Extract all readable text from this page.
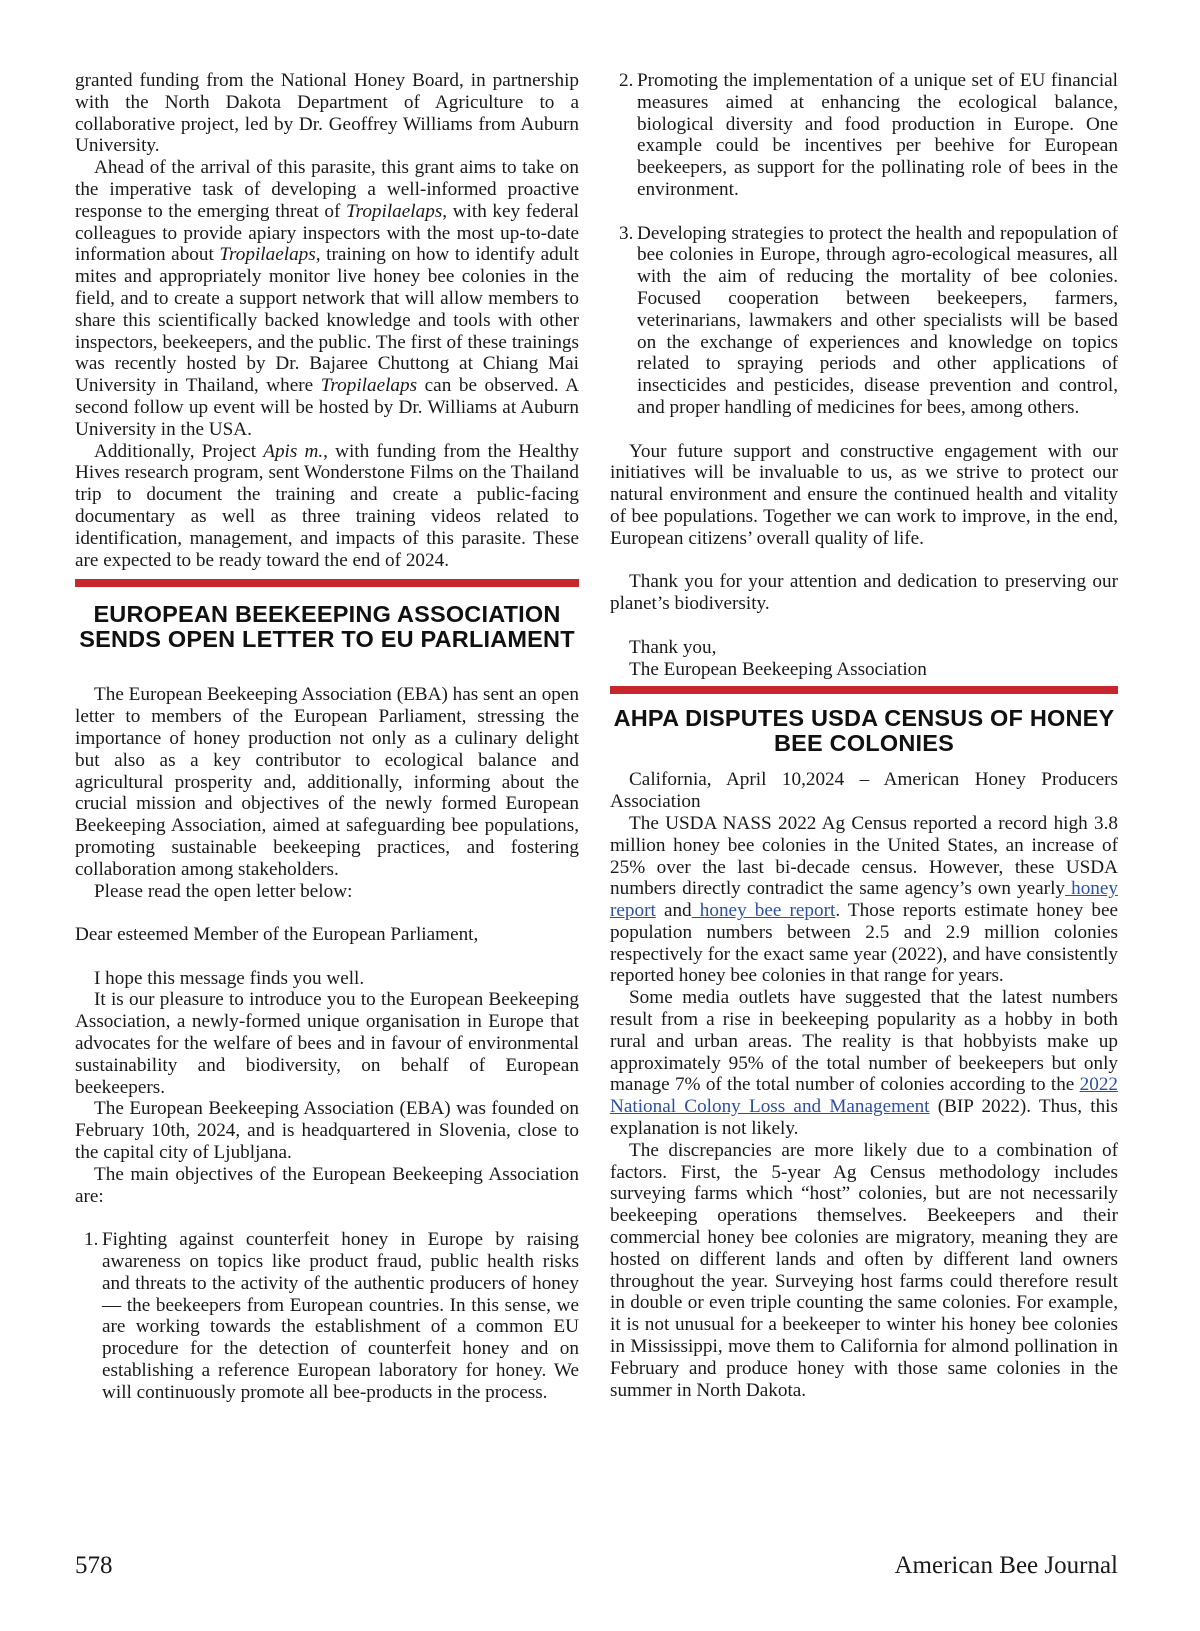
granted funding from the National Honey Board, in partnership with the North Dakota Department of Agriculture to a collaborative project, led by Dr. Geoffrey Williams from Auburn University.

Ahead of the arrival of this parasite, this grant aims to take on the imperative task of developing a well-informed proactive response to the emerging threat of Tropilaelaps, with key federal colleagues to provide apiary inspectors with the most up-to-date information about Tropilaelaps, training on how to identify adult mites and appropriately monitor live honey bee colonies in the field, and to create a support network that will allow members to share this scientifically backed knowledge and tools with other inspectors, beekeepers, and the public. The first of these trainings was recently hosted by Dr. Bajaree Chuttong at Chiang Mai University in Thailand, where Tropilaelaps can be observed. A second follow up event will be hosted by Dr. Williams at Auburn University in the USA.

Additionally, Project Apis m., with funding from the Healthy Hives research program, sent Wonderstone Films on the Thailand trip to document the training and create a public-facing documentary as well as three training videos related to identification, management, and impacts of this parasite. These are expected to be ready toward the end of 2024.

EUROPEAN BEEKEEPING ASSOCIATION SENDS OPEN LETTER TO EU PARLIAMENT

The European Beekeeping Association (EBA) has sent an open letter to members of the European Parliament, stressing the importance of honey production not only as a culinary delight but also as a key contributor to ecological balance and agricultural prosperity and, additionally, informing about the crucial mission and objectives of the newly formed European Beekeeping Association, aimed at safeguarding bee populations, promoting sustainable beekeeping practices, and fostering collaboration among stakeholders.

Please read the open letter below:

Dear esteemed Member of the European Parliament,

I hope this message finds you well.

It is our pleasure to introduce you to the European Beekeeping Association, a newly-formed unique organisation in Europe that advocates for the welfare of bees and in favour of environmental sustainability and biodiversity, on behalf of European beekeepers.

The European Beekeeping Association (EBA) was founded on February 10th, 2024, and is headquartered in Slovenia, close to the capital city of Ljubljana.

The main objectives of the European Beekeeping Association are:

1. Fighting against counterfeit honey in Europe by raising awareness on topics like product fraud, public health risks and threats to the activity of the authentic producers of honey — the beekeepers from European countries. In this sense, we are working towards the establishment of a common EU procedure for the detection of counterfeit honey and on establishing a reference European laboratory for honey. We will continuously promote all bee-products in the process.
2. Promoting the implementation of a unique set of EU financial measures aimed at enhancing the ecological balance, biological diversity and food production in Europe. One example could be incentives per beehive for European beekeepers, as support for the pollinating role of bees in the environment.
3. Developing strategies to protect the health and repopulation of bee colonies in Europe, through agro-ecological measures, all with the aim of reducing the mortality of bee colonies. Focused cooperation between beekeepers, farmers, veterinarians, lawmakers and other specialists will be based on the exchange of experiences and knowledge on topics related to spraying periods and other applications of insecticides and pesticides, disease prevention and control, and proper handling of medicines for bees, among others.

Your future support and constructive engagement with our initiatives will be invaluable to us, as we strive to protect our natural environment and ensure the continued health and vitality of bee populations. Together we can work to improve, in the end, European citizens’ overall quality of life.

Thank you for your attention and dedication to preserving our planet’s biodiversity.

Thank you,

The European Beekeeping Association

AHPA DISPUTES USDA CENSUS OF HONEY BEE COLONIES

California, April 10,2024 – American Honey Producers Association

The USDA NASS 2022 Ag Census reported a record high 3.8 million honey bee colonies in the United States, an increase of 25% over the last bi-decade census. However, these USDA numbers directly contradict the same agency’s own yearly honey report and honey bee report. Those reports estimate honey bee population numbers between 2.5 and 2.9 million colonies respectively for the exact same year (2022), and have consistently reported honey bee colonies in that range for years.

Some media outlets have suggested that the latest numbers result from a rise in beekeeping popularity as a hobby in both rural and urban areas. The reality is that hobbyists make up approximately 95% of the total number of beekeepers but only manage 7% of the total number of colonies according to the 2022 National Colony Loss and Management (BIP 2022). Thus, this explanation is not likely.

The discrepancies are more likely due to a combination of factors. First, the 5-year Ag Census methodology includes surveying farms which “host” colonies, but are not necessarily beekeeping operations themselves. Beekeepers and their commercial honey bee colonies are migratory, meaning they are hosted on different lands and often by different land owners throughout the year. Surveying host farms could therefore result in double or even triple counting the same colonies. For example, it is not unusual for a beekeeper to winter his honey bee colonies in Mississippi, move them to California for almond pollination in February and produce honey with those same colonies in the summer in North Dakota.

578	American Bee Journal
